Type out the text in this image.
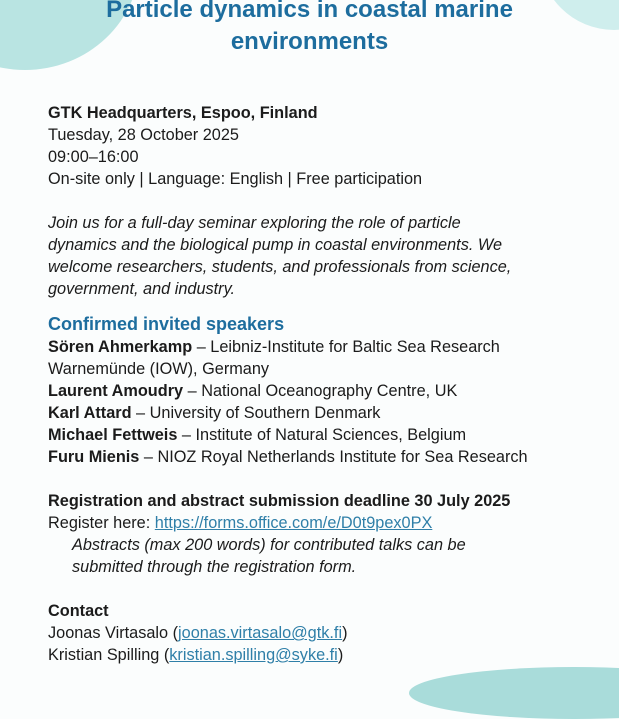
Particle dynamics in coastal marine
environments
GTK Headquarters, Espoo, Finland
Tuesday, 28 October 2025
09:00–16:00
On-site only | Language: English | Free participation
Join us for a full-day seminar exploring the role of particle
dynamics and the biological pump in coastal environments. We
welcome researchers, students, and professionals from science,
government, and industry.
Confirmed invited speakers
Sören Ahmerkamp – Leibniz-Institute for Baltic Sea Research
Warnemünde (IOW), Germany
Laurent Amoudry – National Oceanography Centre, UK
Karl Attard – University of Southern Denmark
Michael Fettweis – Institute of Natural Sciences, Belgium
Furu Mienis – NIOZ Royal Netherlands Institute for Sea Research
Registration and abstract submission deadline 30 July 2025
Register here: https://forms.office.com/e/D0t9pex0PX
Abstracts (max 200 words) for contributed talks can be
submitted through the registration form.
Contact
Joonas Virtasalo (joonas.virtasalo@gtk.fi)
Kristian Spilling (kristian.spilling@syke.fi)
